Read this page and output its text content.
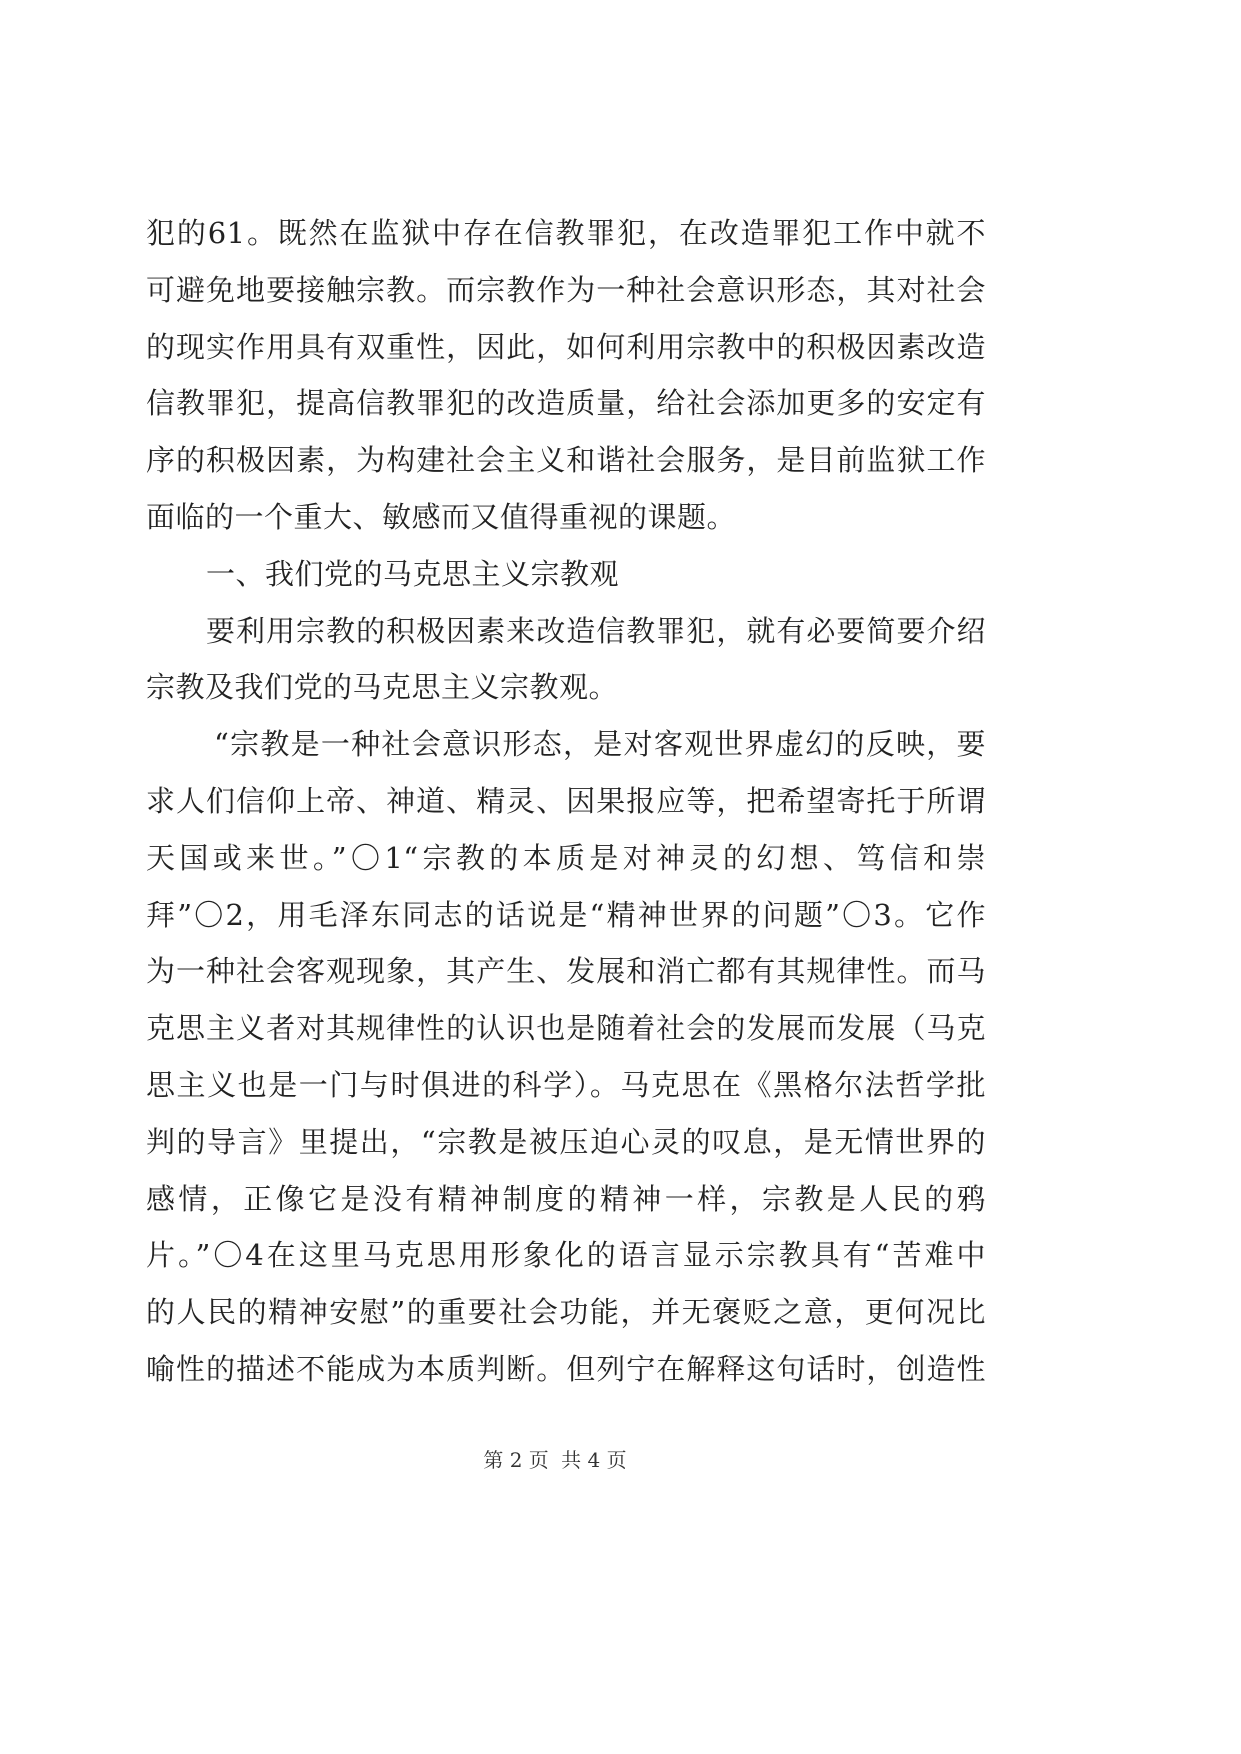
犯的61。既然在监狱中存在信教罪犯，在改造罪犯工作中就不
可避免地要接触宗教。而宗教作为一种社会意识形态，其对社会
的现实作用具有双重性，因此，如何利用宗教中的积极因素改造
信教罪犯，提高信教罪犯的改造质量，给社会添加更多的安定有
序的积极因素，为构建社会主义和谐社会服务，是目前监狱工作
面临的一个重大、敏感而又值得重视的课题。
一、我们党的马克思主义宗教观
要利用宗教的积极因素来改造信教罪犯，就有必要简要介绍
宗教及我们党的马克思主义宗教观。
“宗教是一种社会意识形态，是对客观世界虚幻的反映，要
求人们信仰上帝、神道、精灵、因果报应等，把希望寄托于所谓
天国或来世。”〇1“宗教的本质是对神灵的幻想、笃信和崇
拜”〇2，用毛泽东同志的话说是“精神世界的问题”〇3。它作
为一种社会客观现象，其产生、发展和消亡都有其规律性。而马
克思主义者对其规律性的认识也是随着社会的发展而发展（马克
思主义也是一门与时俱进的科学）。马克思在《黑格尔法哲学批
判的导言》里提出，“宗教是被压迫心灵的叹息，是无情世界的
感情，正像它是没有精神制度的精神一样，宗教是人民的鸦
片。”〇4在这里马克思用形象化的语言显示宗教具有“苦难中
的人民的精神安慰”的重要社会功能，并无褒贬之意，更何况比
喻性的描述不能成为本质判断。但列宁在解释这句话时，创造性
第 2 页 共 4 页
